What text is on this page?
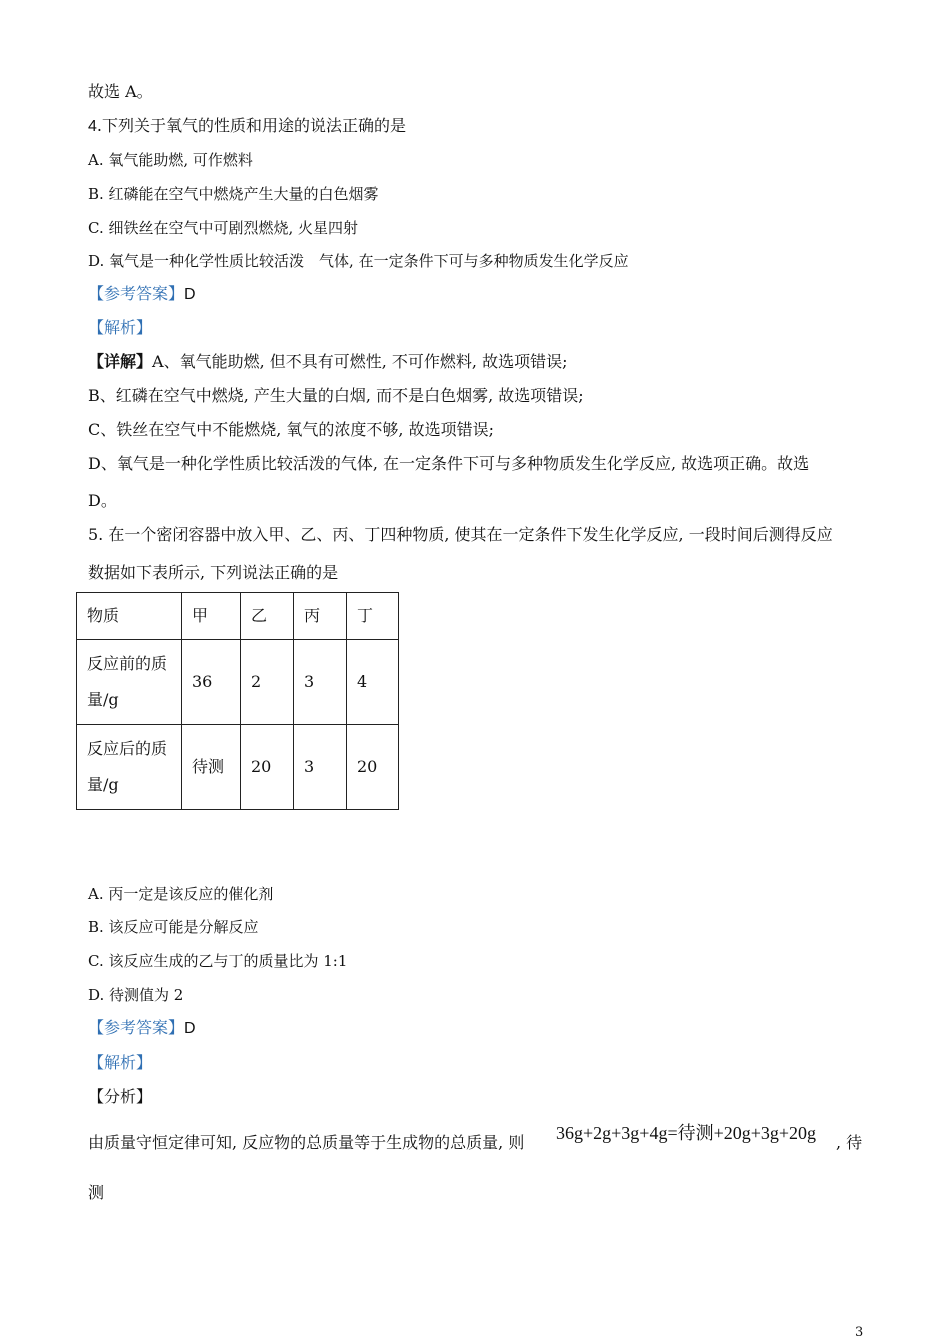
故选 A。
4.下列关于氧气的性质和用途的说法正确的是
A. 氧气能助燃, 可作燃料
B. 红磷能在空气中燃烧产生大量的白色烟雾
C. 细铁丝在空气中可剧烈燃烧, 火星四射
D. 氧气是一种化学性质比较活泼　气体, 在一定条件下可与多种物质发生化学反应
【参考答案】D
【解析】
【详解】A、氧气能助燃, 但不具有可燃性, 不可作燃料, 故选项错误;
B、红磷在空气中燃烧, 产生大量的白烟, 而不是白色烟雾, 故选项错误;
C、铁丝在空气中不能燃烧, 氧气的浓度不够, 故选项错误;
D、氧气是一种化学性质比较活泼的气体, 在一定条件下可与多种物质发生化学反应, 故选项正确。故选
D。
5. 在一个密闭容器中放入甲、乙、丙、丁四种物质, 使其在一定条件下发生化学反应, 一段时间后测得反应
数据如下表所示, 下列说法正确的是
物质	甲	乙	丙	丁
反应前的质量/g	36	2	3	4
反应后的质量/g	待测	20	3	20
A. 丙一定是该反应的催化剂
B. 该反应可能是分解反应
C. 该反应生成的乙与丁的质量比为 1:1
D. 待测值为 2
【参考答案】D
【解析】
【分析】
由质量守恒定律可知, 反应物的总质量等于生成物的总质量, 则 36g+2g+3g+4g=待测+20g+3g+20g , 待
测
3
